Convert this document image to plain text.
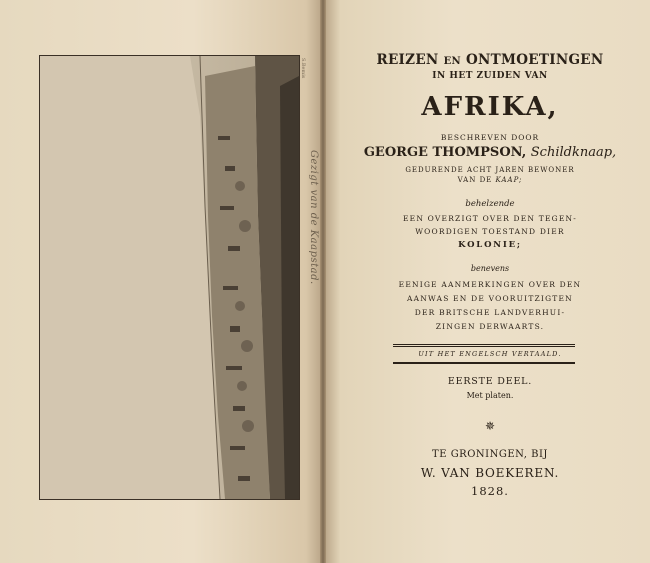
Gezigt van de Kaapstad.
S.Bemis	REIZEN EN ONTMOETINGEN
IN HET ZUIDEN VAN
AFRIKA,
BESCHREVEN DOOR
GEORGE THOMPSON, Schildknaap,
GEDURENDE ACHT JAREN BEWONER
VAN DE KAAP;
behelzende
EEN OVERZIGT OVER DEN TEGEN-
WOORDIGEN TOESTAND DIER
KOLONIE;
benevens
EENIGE AANMERKINGEN OVER DEN
AANWAS EN DE VOORUITZIGTEN
DER BRITSCHE LANDVERHUI-
ZINGEN DERWAARTS.
UIT HET ENGELSCH VERTAALD.
EERSTE DEEL.
Met platen.
✵
TE GRONINGEN, BIJ
W. VAN BOEKEREN.
1828.
